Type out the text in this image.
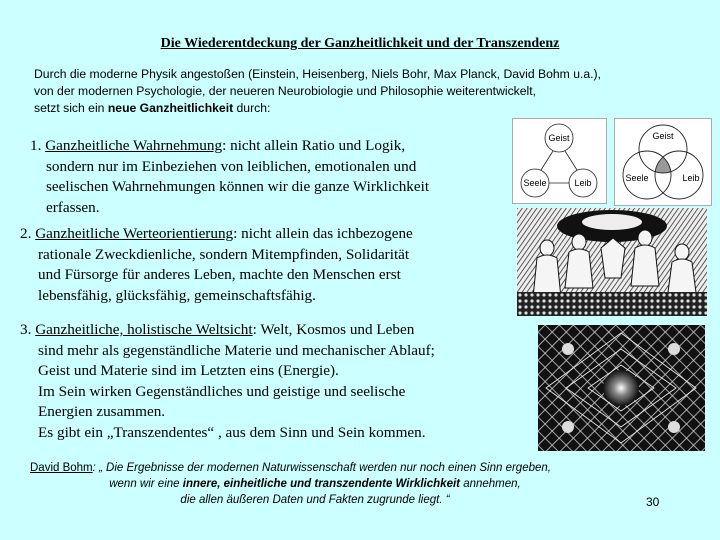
Die Wiederentdeckung der Ganzheitlichkeit und der Transzendenz
Durch die moderne Physik angestoßen (Einstein, Heisenberg, Niels Bohr, Max Planck, David Bohm u.a.),
von der modernen Psychologie, der neueren Neurobiologie und Philosophie weiterentwickelt,
setzt sich ein neue Ganzheitlichkeit durch:
1. Ganzheitliche Wahrnehmung: nicht allein Ratio und Logik,
sondern nur im Einbeziehen von leiblichen, emotionalen und
seelischen Wahrnehmungen können wir die ganze Wirklichkeit
erfassen.
2. Ganzheitliche Werteorientierung: nicht allein das ichbezogene
rationale Zweckdienliche, sondern Mitempfinden, Solidarität
und Fürsorge für anderes Leben, machte den Menschen erst
lebensfähig, glücksfähig, gemeinschaftsfähig.
3. Ganzheitliche, holistische Weltsicht: Welt, Kosmos und Leben
sind mehr als gegenständliche Materie und mechanischer Ablauf;
Geist und Materie sind im Letzten eins (Energie).
Im Sein wirken Gegenständliches und geistige und seelische
Energien zusammen.
Es gibt ein „Transzendentes“ , aus dem Sinn und Sein kommen.
David Bohm: „ Die Ergebnisse der modernen Naturwissenschaft werden nur noch einen Sinn ergeben,
wenn wir eine innere, einheitliche und transzendente Wirklichkeit annehmen,
die allen äußeren Daten und Fakten zugrunde liegt. “	30
Geist
Seele	Leib
Geist
Seele	Leib
